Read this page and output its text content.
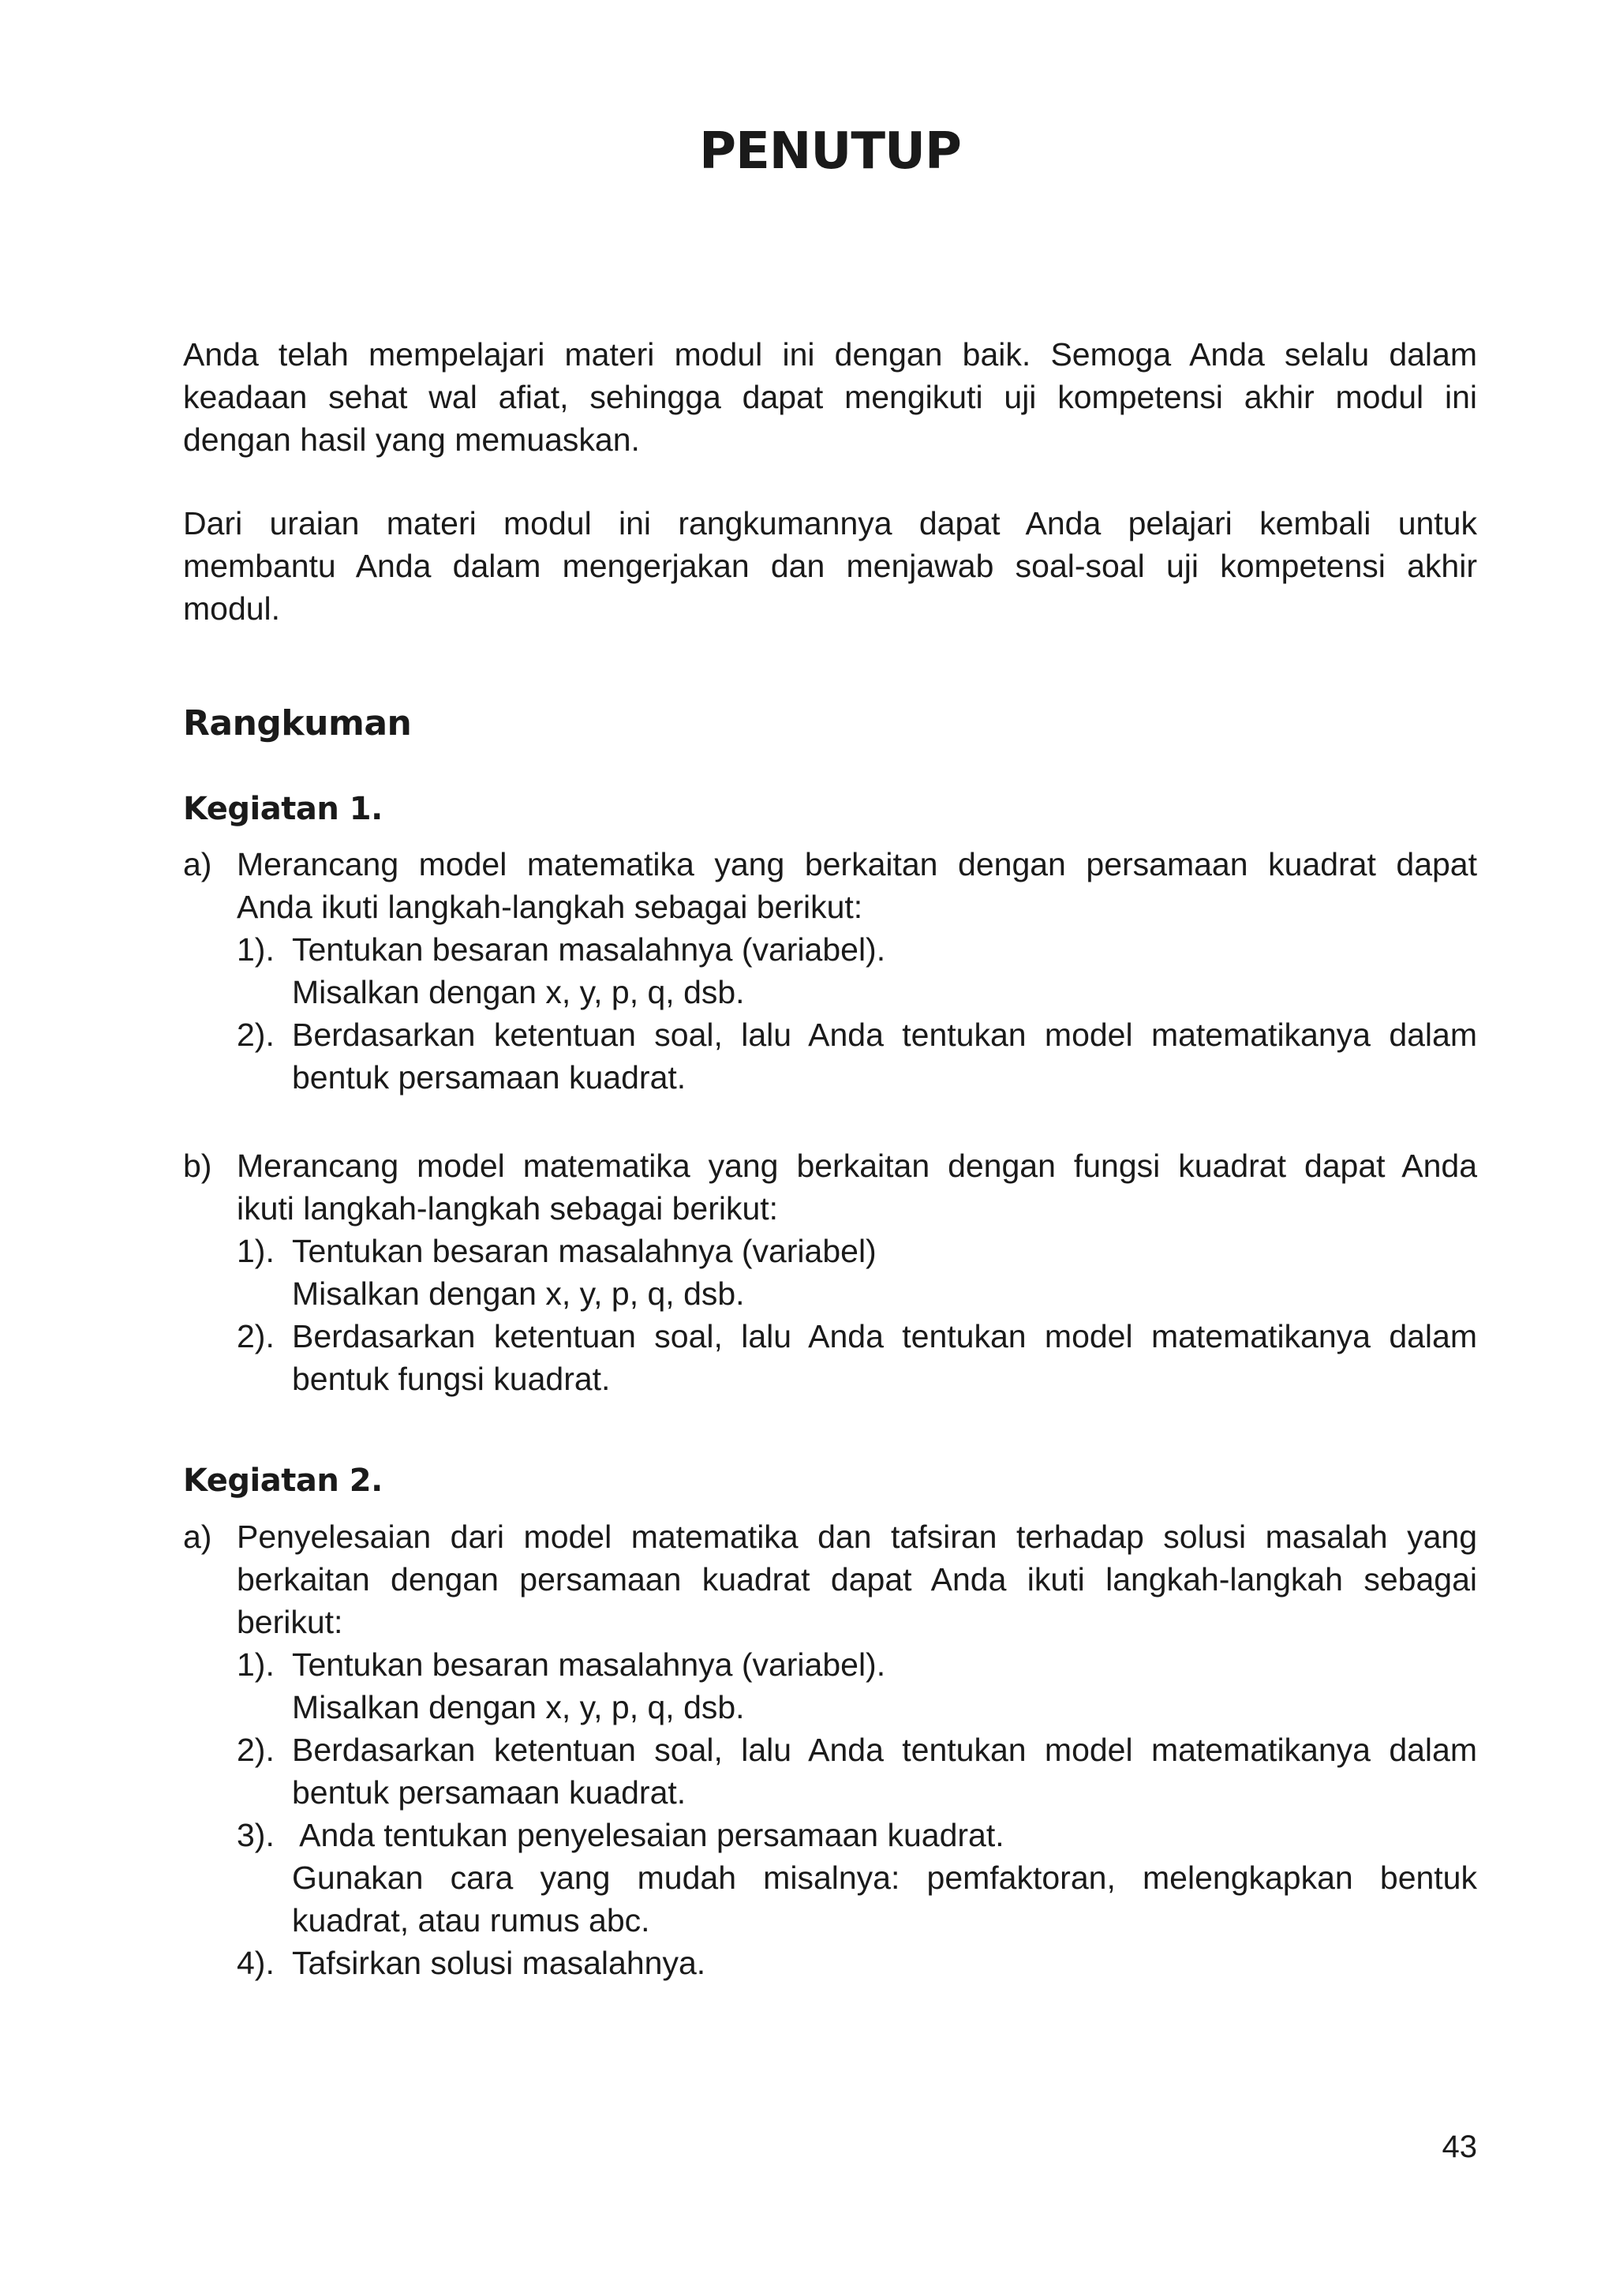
PENUTUP
Anda telah mempelajari materi modul ini dengan baik. Semoga Anda selalu dalam
keadaan sehat wal afiat, sehingga dapat mengikuti uji kompetensi akhir modul ini
dengan hasil yang memuaskan.
Dari uraian materi modul ini rangkumannya dapat Anda pelajari kembali untuk
membantu Anda dalam mengerjakan dan menjawab soal-soal uji kompetensi akhir
modul.
Rangkuman
Kegiatan 1.
a) Merancang model matematika yang berkaitan dengan persamaan kuadrat dapat
Anda ikuti langkah-langkah sebagai berikut:
1). Tentukan besaran masalahnya (variabel).
Misalkan dengan x, y, p, q, dsb.
2). Berdasarkan ketentuan soal, lalu Anda tentukan model matematikanya dalam
bentuk persamaan kuadrat.
b) Merancang model matematika yang berkaitan dengan fungsi kuadrat dapat Anda
ikuti langkah-langkah sebagai berikut:
1). Tentukan besaran masalahnya (variabel)
Misalkan dengan x, y, p, q, dsb.
2). Berdasarkan ketentuan soal, lalu Anda tentukan model matematikanya dalam
bentuk fungsi kuadrat.
Kegiatan 2.
a) Penyelesaian dari model matematika dan tafsiran terhadap solusi masalah yang
berkaitan dengan persamaan kuadrat dapat Anda ikuti langkah-langkah sebagai
berikut:
1). Tentukan besaran masalahnya (variabel).
Misalkan dengan x, y, p, q, dsb.
2). Berdasarkan ketentuan soal, lalu Anda tentukan model matematikanya dalam
bentuk persamaan kuadrat.
3). Anda tentukan penyelesaian persamaan kuadrat.
Gunakan cara yang mudah misalnya: pemfaktoran, melengkapkan bentuk
kuadrat, atau rumus abc.
4). Tafsirkan solusi masalahnya.
43
